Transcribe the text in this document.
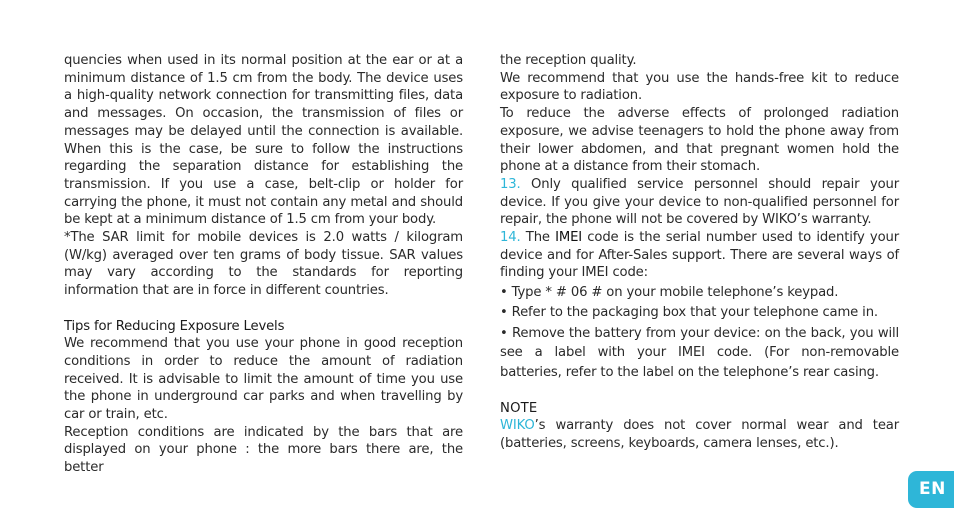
quencies when used in its normal position at the ear or at a minimum distance of 1.5 cm from the body. The device uses a high-quality network connection for transmitting files, data and messages. On occasion, the transmission of files or messages may be delayed until the connection is available. When this is the case, be sure to follow the instructions regarding the separation distance for establishing the transmission. If you use a case, belt-clip or holder for carrying the phone, it must not contain any metal and should be kept at a minimum distance of 1.5 cm from your body.

*The SAR limit for mobile devices is 2.0 watts / kilogram (W/kg) averaged over ten grams of body tissue. SAR values may vary according to the standards for reporting information that are in force in different countries.

Tips for Reducing Exposure Levels

We recommend that you use your phone in good reception conditions in order to reduce the amount of radiation received. It is advisable to limit the amount of time you use the phone in underground car parks and when travelling by car or train, etc.

Reception conditions are indicated by the bars that are displayed on your phone : the more bars there are, the better

the reception quality.

We recommend that you use the hands-free kit to reduce exposure to radiation.

To reduce the adverse effects of prolonged radiation exposure, we advise teenagers to hold the phone away from their lower abdomen, and that pregnant women hold the phone at a distance from their stomach.

13. Only qualified service personnel should repair your device. If you give your device to non-qualified personnel for repair, the phone will not be covered by WIKO’s warranty.

14. The IMEI code is the serial number used to identify your device and for After-Sales support. There are several ways of finding your IMEI code:

• Type * # 06 # on your mobile telephone’s keypad.

• Refer to the packaging box that your telephone came in.

• Remove the battery from your device: on the back, you will see a label with your IMEI code. (For non-removable batteries, refer to the label on the telephone’s rear casing.

NOTE

WIKO’s warranty does not cover normal wear and tear (batteries, screens, keyboards, camera lenses, etc.).

EN
